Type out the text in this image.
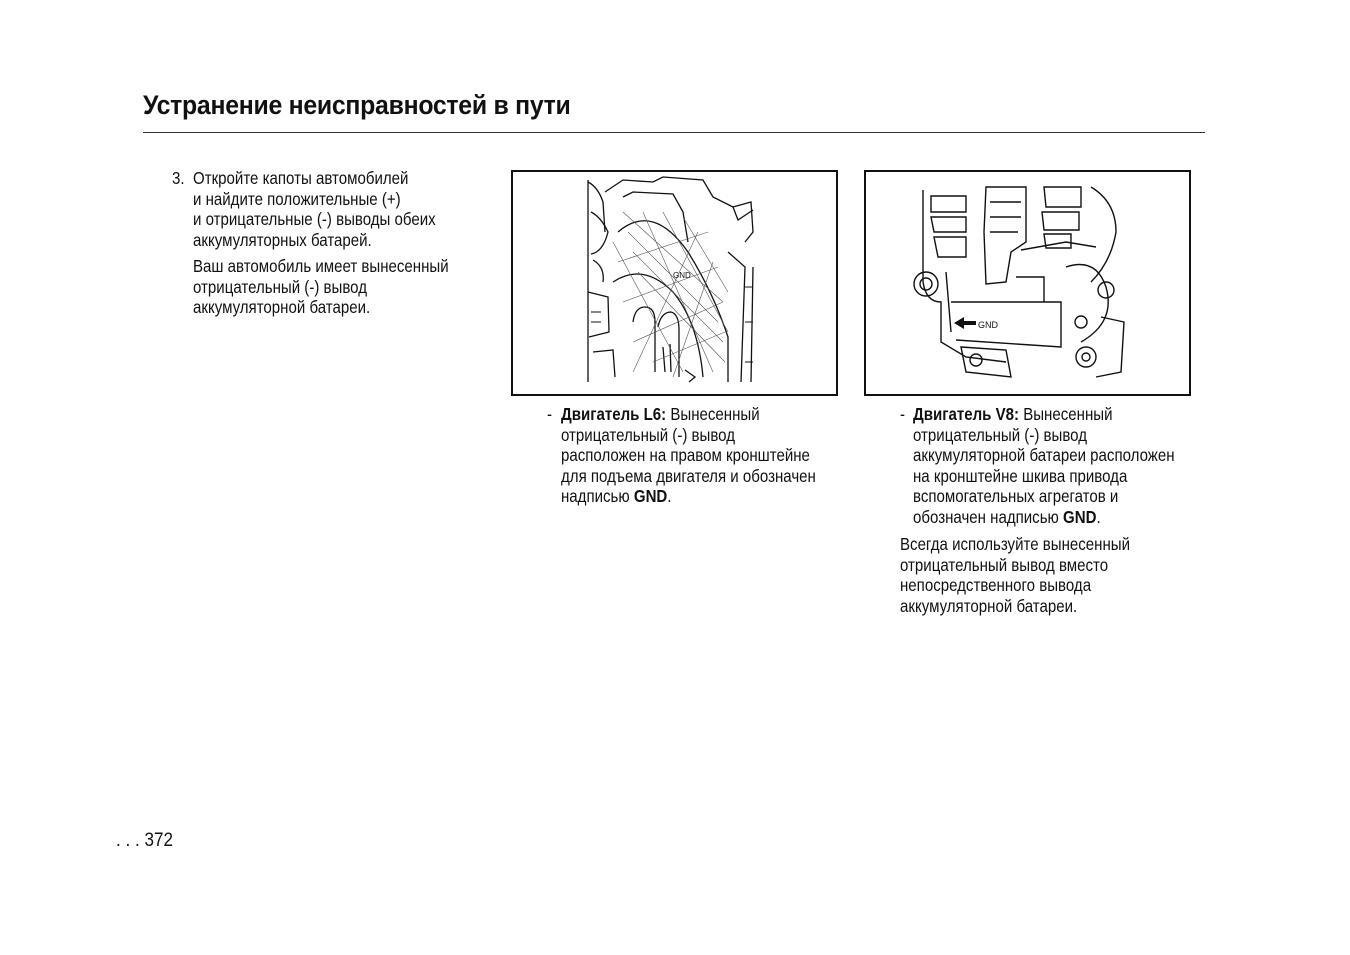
Устранение неисправностей в пути
3. Откройте капоты автомобилей
и найдите положительные (+)
и отрицательные (-) выводы обеих
аккумуляторных батарей.
Ваш автомобиль имеет вынесенный
отрицательный (-) вывод
аккумуляторной батареи.
GND
GND
- Двигатель L6: Вынесенный
отрицательный (-) вывод
расположен на правом кронштейне
для подъема двигателя и обозначен
надписью GND.
- Двигатель V8: Вынесенный
отрицательный (-) вывод
аккумуляторной батареи расположен
на кронштейне шкива привода
вспомогательных агрегатов и
обозначен надписью GND.
Всегда используйте вынесенный
отрицательный вывод вместо
непосредственного вывода
аккумуляторной батареи.
. . . 372
